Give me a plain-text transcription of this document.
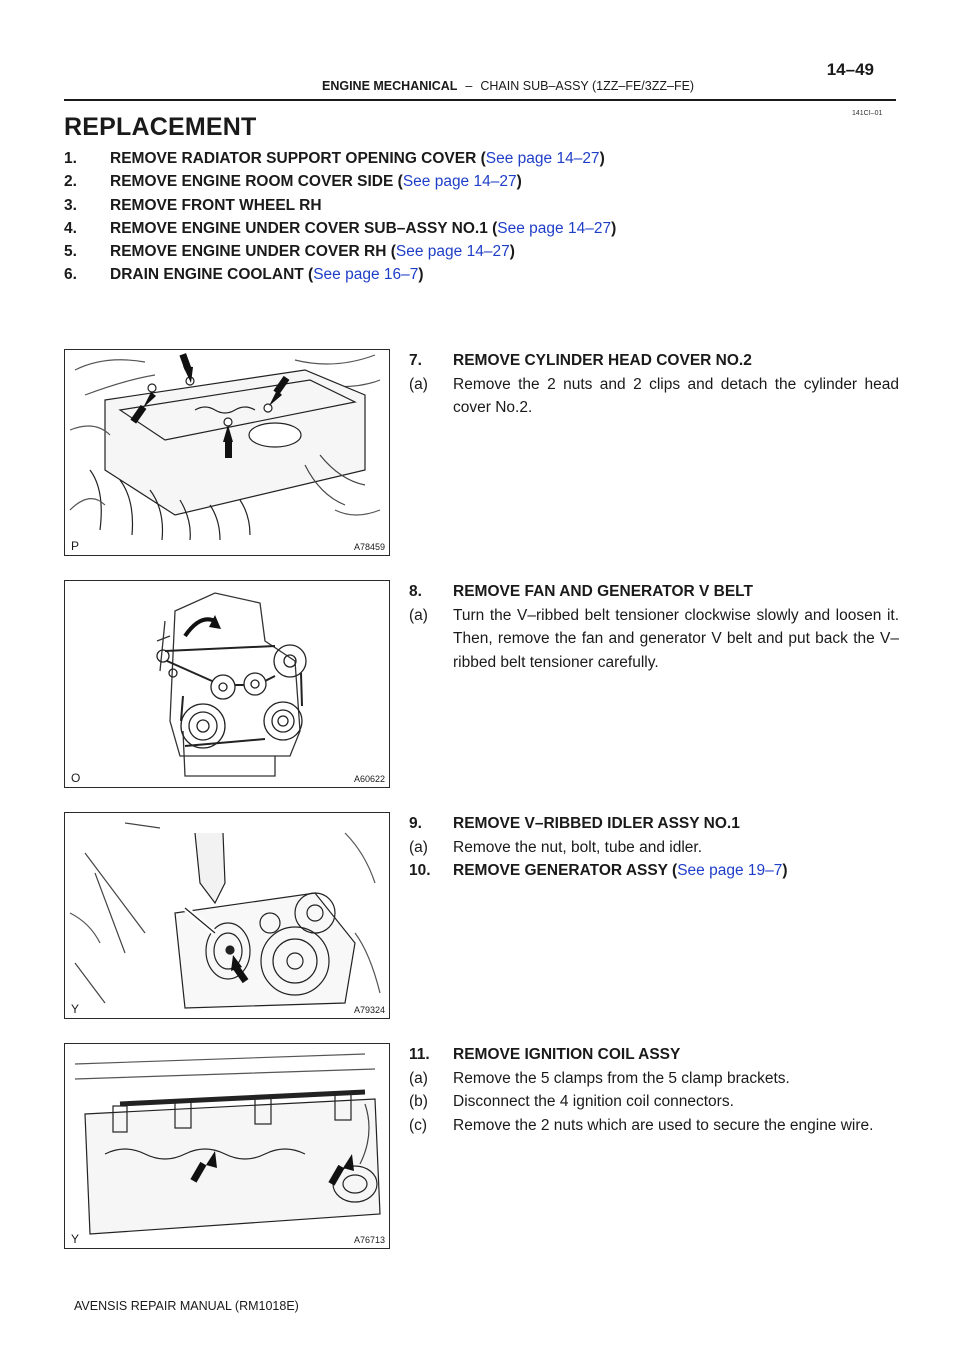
ENGINE MECHANICAL – CHAIN SUB–ASSY (1ZZ–FE/3ZZ–FE)
14–49
141CI–01
REPLACEMENT
1. REMOVE RADIATOR SUPPORT OPENING COVER (See page 14–27)
2. REMOVE ENGINE ROOM COVER SIDE (See page 14–27)
3. REMOVE FRONT WHEEL RH
4. REMOVE ENGINE UNDER COVER SUB–ASSY NO.1 (See page 14–27)
5. REMOVE ENGINE UNDER COVER RH (See page 14–27)
6. DRAIN ENGINE COOLANT (See page 16–7)
P	A78459
O	A60622
Y	A79324
Y	A76713
7. REMOVE CYLINDER HEAD COVER NO.2
(a) Remove the 2 nuts and 2 clips and detach the cylinder head cover No.2.
8. REMOVE FAN AND GENERATOR V BELT
(a) Turn the V–ribbed belt tensioner clockwise slowly and loosen it. Then, remove the fan and generator V belt and put back the V–ribbed belt tensioner carefully.
9. REMOVE V–RIBBED IDLER ASSY NO.1
(a) Remove the nut, bolt, tube and idler.
10. REMOVE GENERATOR ASSY (See page 19–7)
11. REMOVE IGNITION COIL ASSY
(a) Remove the 5 clamps from the 5 clamp brackets.
(b) Disconnect the 4 ignition coil connectors.
(c) Remove the 2 nuts which are used to secure the engine wire.
AVENSIS REPAIR MANUAL (RM1018E)
